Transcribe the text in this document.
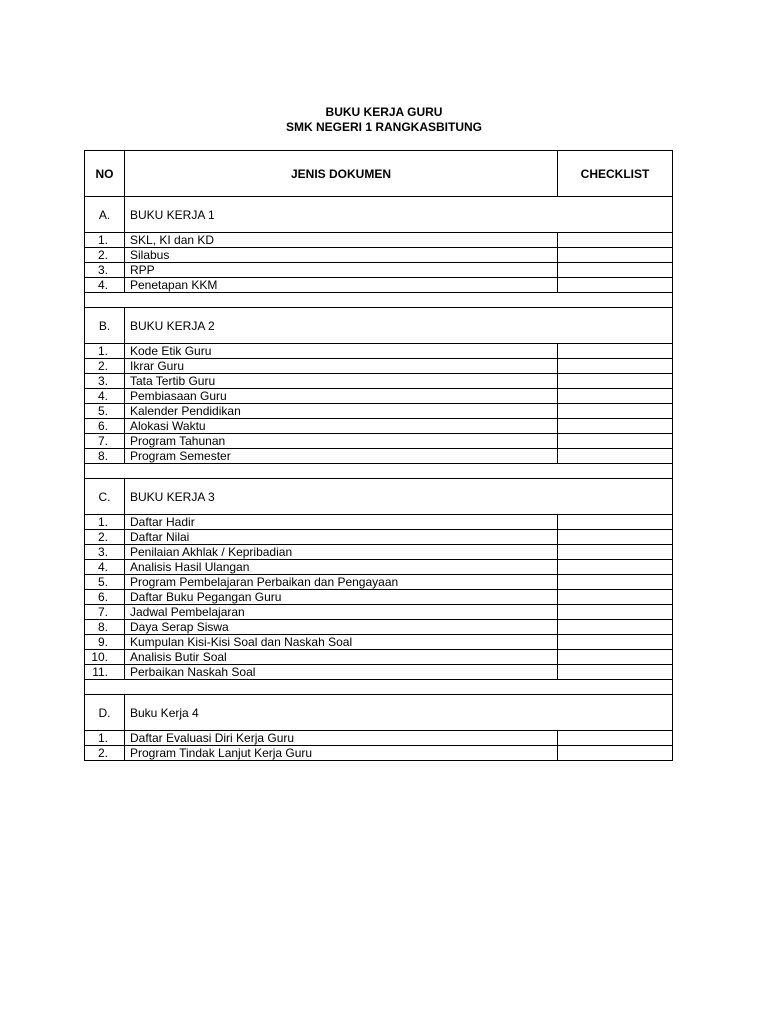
BUKU KERJA GURU
SMK NEGERI 1 RANGKASBITUNG
NO	JENIS DOKUMEN	CHECKLIST
A.	BUKU KERJA 1	
1.	SKL, KI dan KD	
2.	Silabus	
3.	RPP	
4.	Penetapan KKM	

B.	BUKU KERJA 2	
1.	Kode Etik Guru	
2.	Ikrar Guru	
3.	Tata Tertib Guru	
4.	Pembiasaan Guru	
5.	Kalender Pendidikan	
6.	Alokasi Waktu	
7.	Program Tahunan	
8.	Program Semester	

C.	BUKU KERJA 3	
1.	Daftar Hadir	
2.	Daftar Nilai	
3.	Penilaian Akhlak / Kepribadian	
4.	Analisis Hasil Ulangan	
5.	Program Pembelajaran Perbaikan dan Pengayaan	
6.	Daftar Buku Pegangan Guru	
7.	Jadwal Pembelajaran	
8.	Daya Serap Siswa	
9.	Kumpulan Kisi-Kisi Soal dan Naskah Soal	
10.	Analisis Butir Soal	
11.	Perbaikan Naskah Soal	

D.	Buku Kerja 4	
1.	Daftar Evaluasi Diri Kerja Guru	
2.	Program Tindak Lanjut Kerja Guru	
